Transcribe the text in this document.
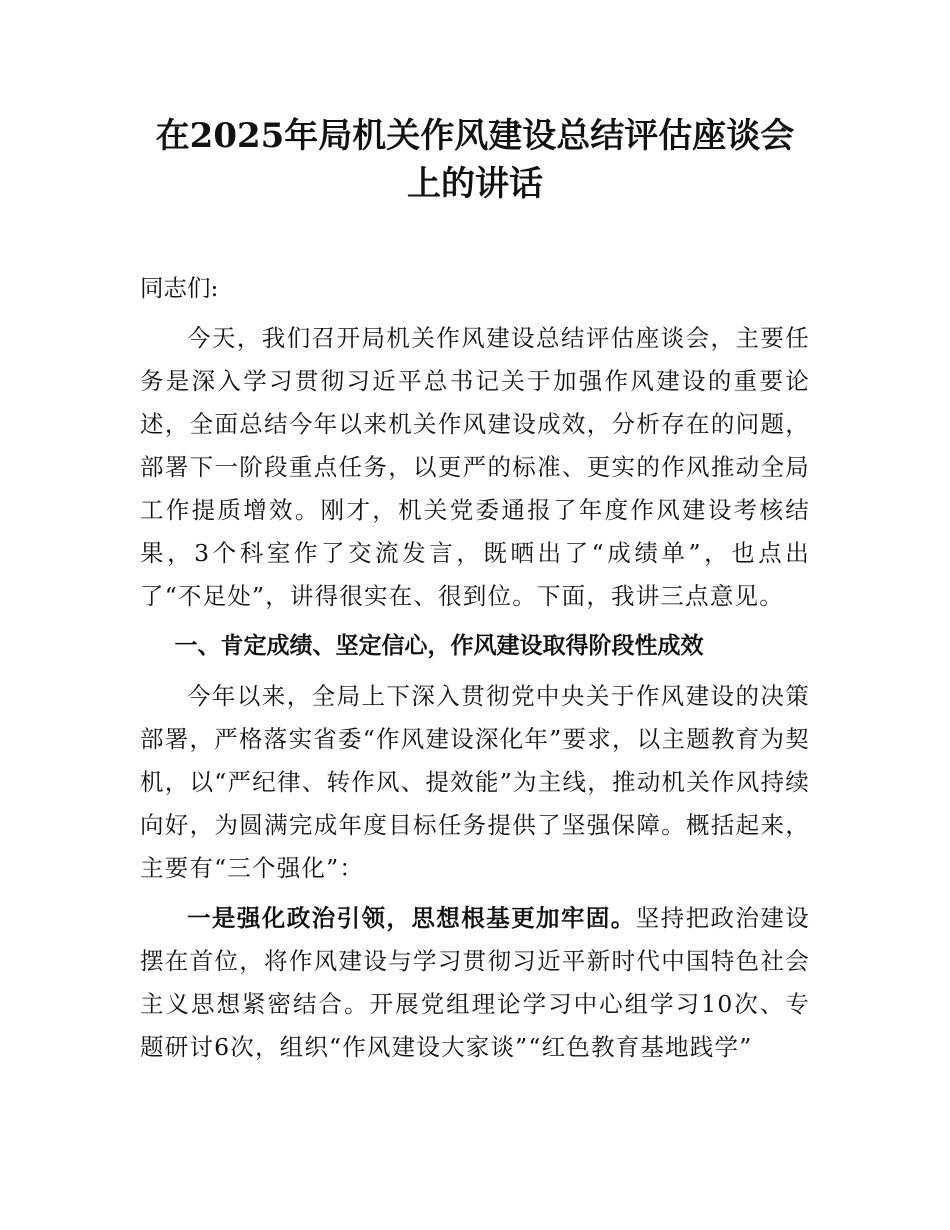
在2025年局机关作风建设总结评估座谈会上的讲话

同志们:

今天，我们召开局机关作风建设总结评估座谈会，主要任务是深入学习贯彻习近平总书记关于加强作风建设的重要论述，全面总结今年以来机关作风建设成效，分析存在的问题，部署下一阶段重点任务，以更严的标准、更实的作风推动全局工作提质增效。刚才，机关党委通报了年度作风建设考核结果，3个科室作了交流发言，既晒出了“成绩单”，也点出了“不足处”，讲得很实在、很到位。下面，我讲三点意见。

一、肯定成绩、坚定信心，作风建设取得阶段性成效

今年以来，全局上下深入贯彻党中央关于作风建设的决策部署，严格落实省委“作风建设深化年”要求，以主题教育为契机，以“严纪律、转作风、提效能”为主线，推动机关作风持续向好，为圆满完成年度目标任务提供了坚强保障。概括起来，主要有“三个强化”：

一是强化政治引领，思想根基更加牢固。坚持把政治建设摆在首位，将作风建设与学习贯彻习近平新时代中国特色社会主义思想紧密结合。开展党组理论学习中心组学习10次、专题研讨6次，组织“作风建设大家谈”“红色教育基地践学”
